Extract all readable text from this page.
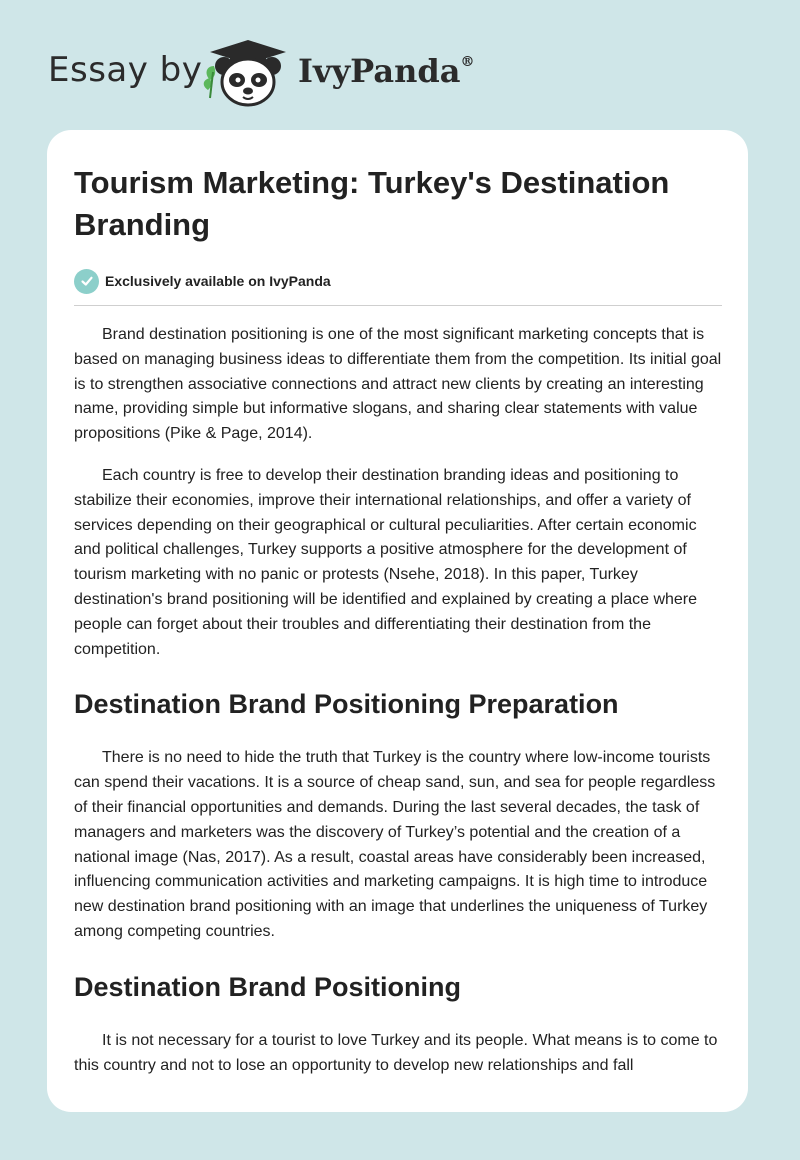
Essay by	IvyPanda®
Tourism Marketing: Turkey's Destination Branding
Exclusively available on IvyPanda

Brand destination positioning is one of the most significant marketing concepts that is based on managing business ideas to differentiate them from the competition. Its initial goal is to strengthen associative connections and attract new clients by creating an interesting name, providing simple but informative slogans, and sharing clear statements with value propositions (Pike & Page, 2014).

Each country is free to develop their destination branding ideas and positioning to stabilize their economies, improve their international relationships, and offer a variety of services depending on their geographical or cultural peculiarities. After certain economic and political challenges, Turkey supports a positive atmosphere for the development of tourism marketing with no panic or protests (Nsehe, 2018). In this paper, Turkey destination's brand positioning will be identified and explained by creating a place where people can forget about their troubles and differentiating their destination from the competition.

Destination Brand Positioning Preparation

There is no need to hide the truth that Turkey is the country where low-income tourists can spend their vacations. It is a source of cheap sand, sun, and sea for people regardless of their financial opportunities and demands. During the last several decades, the task of managers and marketers was the discovery of Turkey’s potential and the creation of a national image (Nas, 2017). As a result, coastal areas have considerably been increased, influencing communication activities and marketing campaigns. It is high time to introduce new destination brand positioning with an image that underlines the uniqueness of Turkey among competing countries.

Destination Brand Positioning

It is not necessary for a tourist to love Turkey and its people. What means is to come to this country and not to lose an opportunity to develop new relationships and fall
